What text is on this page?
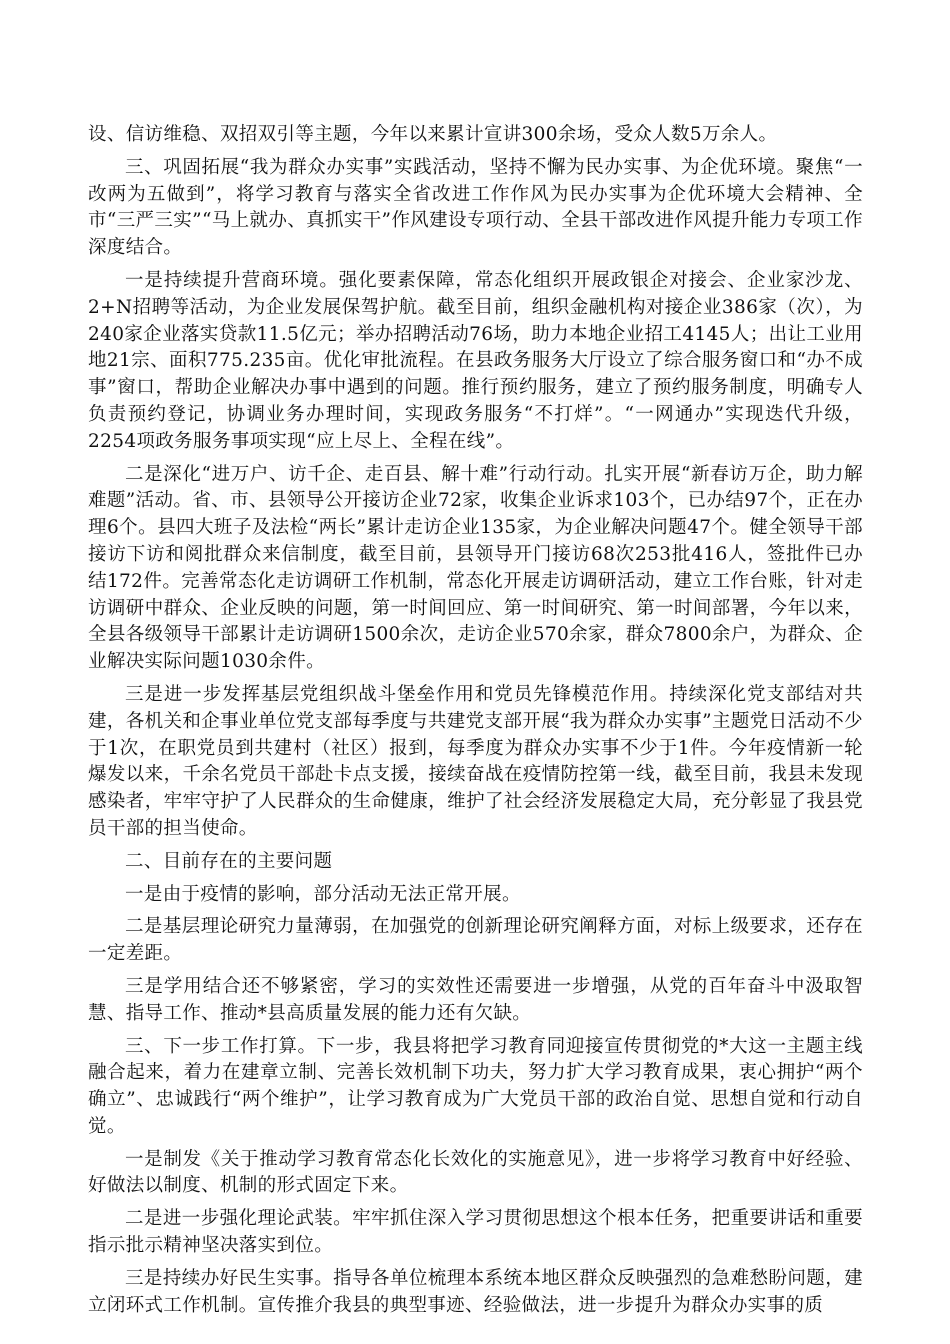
设、信访维稳、双招双引等主题，今年以来累计宣讲300余场，受众人数5万余人。

三、巩固拓展“我为群众办实事”实践活动，坚持不懈为民办实事、为企优环境。聚焦“一改两为五做到”，将学习教育与落实全省改进工作作风为民办实事为企优环境大会精神、全市“三严三实”“马上就办、真抓实干”作风建设专项行动、全县干部改进作风提升能力专项工作深度结合。

一是持续提升营商环境。强化要素保障，常态化组织开展政银企对接会、企业家沙龙、2+N招聘等活动，为企业发展保驾护航。截至目前，组织金融机构对接企业386家（次），为240家企业落实贷款11.5亿元；举办招聘活动76场，助力本地企业招工4145人；出让工业用地21宗、面积775.235亩。优化审批流程。在县政务服务大厅设立了综合服务窗口和“办不成事”窗口，帮助企业解决办事中遇到的问题。推行预约服务，建立了预约服务制度，明确专人负责预约登记，协调业务办理时间，实现政务服务“不打烊”。“一网通办”实现迭代升级，2254项政务服务事项实现“应上尽上、全程在线”。

二是深化“进万户、访千企、走百县、解十难”行动行动。扎实开展“新春访万企，助力解难题”活动。省、市、县领导公开接访企业72家，收集企业诉求103个，已办结97个，正在办理6个。县四大班子及法检“两长”累计走访企业135家，为企业解决问题47个。健全领导干部接访下访和阅批群众来信制度，截至目前，县领导开门接访68次253批416人，签批件已办结172件。完善常态化走访调研工作机制，常态化开展走访调研活动，建立工作台账，针对走访调研中群众、企业反映的问题，第一时间回应、第一时间研究、第一时间部署，今年以来，全县各级领导干部累计走访调研1500余次，走访企业570余家，群众7800余户，为群众、企业解决实际问题1030余件。

三是进一步发挥基层党组织战斗堡垒作用和党员先锋模范作用。持续深化党支部结对共建，各机关和企事业单位党支部每季度与共建党支部开展“我为群众办实事”主题党日活动不少于1次，在职党员到共建村（社区）报到，每季度为群众办实事不少于1件。今年疫情新一轮爆发以来，千余名党员干部赴卡点支援，接续奋战在疫情防控第一线，截至目前，我县未发现感染者，牢牢守护了人民群众的生命健康，维护了社会经济发展稳定大局，充分彰显了我县党员干部的担当使命。

二、目前存在的主要问题

一是由于疫情的影响，部分活动无法正常开展。

二是基层理论研究力量薄弱，在加强党的创新理论研究阐释方面，对标上级要求，还存在一定差距。

三是学用结合还不够紧密，学习的实效性还需要进一步增强，从党的百年奋斗中汲取智慧、指导工作、推动*县高质量发展的能力还有欠缺。

三、下一步工作打算。下一步，我县将把学习教育同迎接宣传贯彻党的*大这一主题主线融合起来，着力在建章立制、完善长效机制下功夫，努力扩大学习教育成果，衷心拥护“两个确立”、忠诚践行“两个维护”，让学习教育成为广大党员干部的政治自觉、思想自觉和行动自觉。

一是制发《关于推动学习教育常态化长效化的实施意见》，进一步将学习教育中好经验、好做法以制度、机制的形式固定下来。

二是进一步强化理论武装。牢牢抓住深入学习贯彻思想这个根本任务，把重要讲话和重要指示批示精神坚决落实到位。

三是持续办好民生实事。指导各单位梳理本系统本地区群众反映强烈的急难愁盼问题，建立闭环式工作机制。宣传推介我县的典型事迹、经验做法，进一步提升为群众办实事的质
